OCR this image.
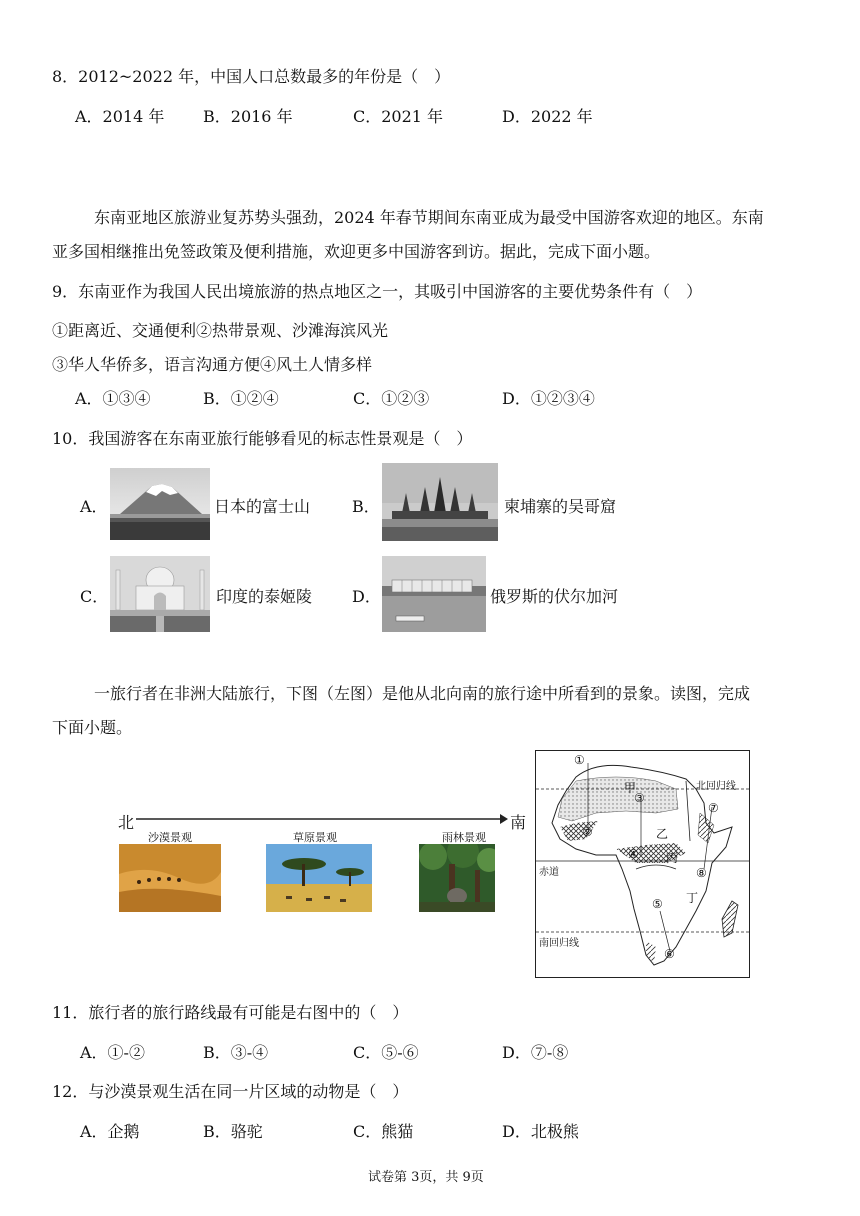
8．2012~2022 年，中国人口总数最多的年份是（　）
A．2014 年 B．2016 年	C．2021 年	D．2022 年
东南亚地区旅游业复苏势头强劲，2024 年春节期间东南亚成为最受中国游客欢迎的地区。东南
亚多国相继推出免签政策及便利措施，欢迎更多中国游客到访。据此，完成下面小题。
9．东南亚作为我国人民出境旅游的热点地区之一，其吸引中国游客的主要优势条件有（　）
①距离近、交通便利②热带景观、沙滩海滨风光
③华人华侨多，语言沟通方便④风土人情多样
A．①③④	B．①②④	C．①②③	D．①②③④
10．我国游客在东南亚旅行能够看见的标志性景观是（　）
A．	日本的富士山	B．	柬埔寨的吴哥窟
C．	印度的泰姬陵 D．	俄罗斯的伏尔加河
一旅行者在非洲大陆旅行，下图（左图）是他从北向南的旅行途中所看到的景象。读图，完成
下面小题。
北	南
沙漠景观	草原景观	雨林景观
①
②
③
④
⑤
⑥
⑦
⑧
甲
乙
丙
丁
北回归线
赤道
南回归线
11．旅行者的旅行路线最有可能是右图中的（　）
A．①-②	B．③-④	C．⑤-⑥	D．⑦-⑧
12．与沙漠景观生活在同一片区域的动物是（　）
A．企鹅	B．骆驼	C．熊猫	D．北极熊
试卷第 3页，共 9页
